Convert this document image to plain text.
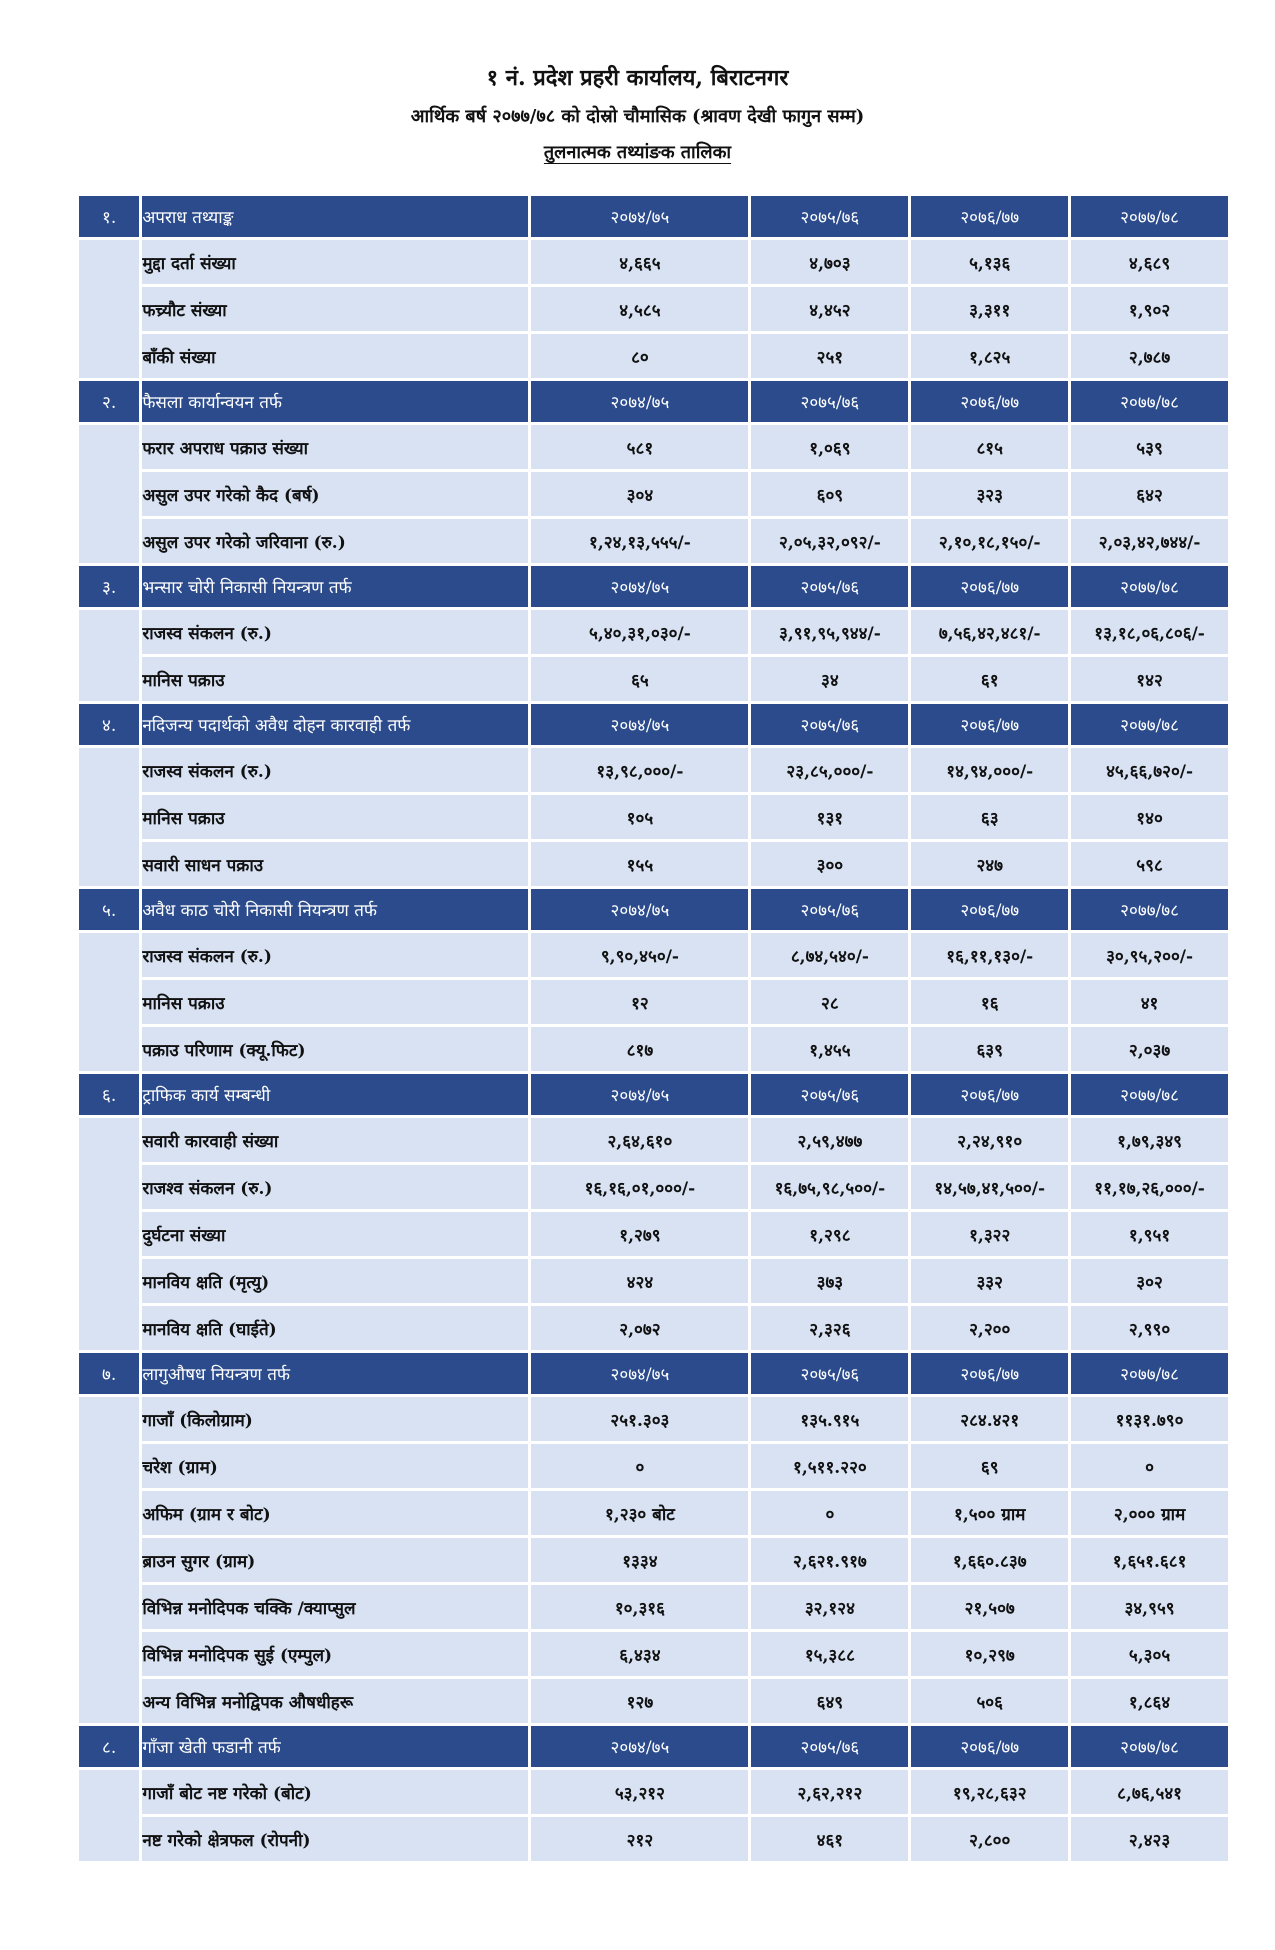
१ नं. प्रदेश प्रहरी कार्यालय, बिराटनगर
आर्थिक बर्ष २०७७/७८ को दोस्रो चौमासिक (श्रावण देखी फागुन सम्म)
तुलनात्मक तथ्यांङक तालिका
१.	अपराध तथ्याङ्क	२०७४/७५	२०७५/७६	२०७६/७७	२०७७/७८
	मुद्दा दर्ता संख्या	४,६६५	४,७०३	५,१३६	४,६८९
	फच्र्यौट संख्या	४,५८५	४,४५२	३,३११	१,९०२
	बाँकी संख्या	८०	२५१	१,८२५	२,७८७
२.	फैसला कार्यान्वयन तर्फ	२०७४/७५	२०७५/७६	२०७६/७७	२०७७/७८
	फरार अपराध पक्राउ संख्या	५८१	१,०६९	८१५	५३९
	असुल उपर गरेको कैद (बर्ष)	३०४	६०९	३२३	६४२
	असुल उपर गरेको जरिवाना (रु.)	१,२४,१३,५५५/-	२,०५,३२,०९२/-	२,१०,१८,१५०/-	२,०३,४२,७४४/-
३.	भन्सार चोरी निकासी नियन्त्रण तर्फ	२०७४/७५	२०७५/७६	२०७६/७७	२०७७/७८
	राजस्व संकलन (रु.)	५,४०,३१,०३०/-	३,९१,९५,९४४/-	७,५६,४२,४८१/-	१३,१८,०६,८०६/-
	मानिस पक्राउ	६५	३४	६१	१४२
४.	नदिजन्य पदार्थको अवैध दोहन कारवाही तर्फ	२०७४/७५	२०७५/७६	२०७६/७७	२०७७/७८
	राजस्व संकलन (रु.)	१३,९८,०००/-	२३,८५,०००/-	१४,९४,०००/-	४५,६६,७२०/-
	मानिस पक्राउ	१०५	१३१	६३	१४०
	सवारी साधन पक्राउ	१५५	३००	२४७	५९८
५.	अवैध काठ चोरी निकासी नियन्त्रण तर्फ	२०७४/७५	२०७५/७६	२०७६/७७	२०७७/७८
	राजस्व संकलन (रु.)	९,९०,४५०/-	८,७४,५४०/-	१६,११,१३०/-	३०,९५,२००/-
	मानिस पक्राउ	१२	२८	१६	४१
	पक्राउ परिणाम (क्यू.फिट)	८१७	१,४५५	६३९	२,०३७
६.	ट्राफिक कार्य सम्बन्धी	२०७४/७५	२०७५/७६	२०७६/७७	२०७७/७८
	सवारी कारवाही संख्या	२,६४,६१०	२,५९,४७७	२,२४,९१०	१,७९,३४९
	राजश्व संकलन (रु.)	१६,१६,०१,०००/-	१६,७५,९८,५००/-	१४,५७,४१,५००/-	११,१७,२६,०००/-
	दुर्घटना संख्या	१,२७९	१,२९८	१,३२२	१,९५१
	मानविय क्षति (मृत्यु)	४२४	३७३	३३२	३०२
	मानविय क्षति (घाईते)	२,०७२	२,३२६	२,२००	२,९९०
७.	लागुऔषध नियन्त्रण तर्फ	२०७४/७५	२०७५/७६	२०७६/७७	२०७७/७८
	गाजाँ (किलोग्राम)	२५१.३०३	१३५.९१५	२८४.४२१	११३१.७९०
	चरेश (ग्राम)	०	१,५११.२२०	६९	०
	अफिम (ग्राम र बोट)	१,२३० बोट	०	१,५०० ग्राम	२,००० ग्राम
	ब्राउन सुगर (ग्राम)	१३३४	२,६२१.९१७	१,६६०.८३७	१,६५१.६८१
	विभिन्न मनोदिपक चक्कि /क्याप्सुल	१०,३१६	३२,१२४	२१,५०७	३४,९५९
	विभिन्न मनोदिपक सुई (एम्पुल)	६,४३४	१५,३८८	१०,२९७	५,३०५
	अन्य विभिन्न मनोद्विपक औषधीहरू	१२७	६४९	५०६	१,८६४
८.	गाँजा खेती फडानी तर्फ	२०७४/७५	२०७५/७६	२०७६/७७	२०७७/७८
	गाजाँ बोट नष्ट गरेको (बोट)	५३,२१२	२,६२,२१२	१९,२८,६३२	८,७६,५४१
	नष्ट गरेको क्षेत्रफल (रोपनी)	२१२	४६१	२,८००	२,४२३
